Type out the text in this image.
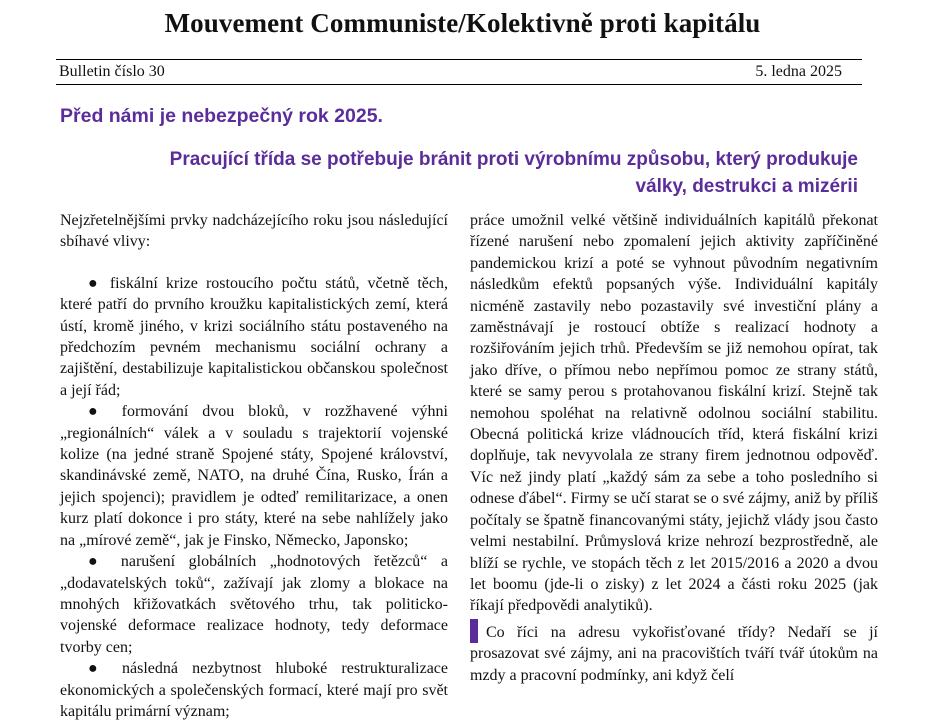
Mouvement Communiste/Kolektivně proti kapitálu
Bulletin číslo 30	5. ledna 2025
Před námi je nebezpečný rok 2025.
Pracující třída se potřebuje bránit proti výrobnímu způsobu, který produkuje
války, destrukci a mizérii

Nejzřetelnějšími prvky nadcházejícího roku jsou následující sbíhavé vlivy:

● fiskální krize rostoucího počtu států, včetně těch, které patří do prvního kroužku kapitalistických zemí, která ústí, kromě jiného, v krizi sociálního státu postaveného na předchozím pevném mechanismu sociální ochrany a zajištění, destabilizuje kapitalistickou občanskou společnost a její řád;

● formování dvou bloků, v rozžhavené výhni „regionálních“ válek a v souladu s trajektorií vojenské kolize (na jedné straně Spojené státy, Spojené království, skandinávské země, NATO, na druhé Čína, Rusko, Írán a jejich spojenci); pravidlem je odteď remilitarizace, a onen kurz platí dokonce i pro státy, které na sebe nahlížely jako na „mírové země“, jak je Finsko, Německo, Japonsko;

● narušení globálních „hodnotových řetězců“ a „dodavatelských toků“, zažívají jak zlomy a blokace na mnohých křižovatkách světového trhu, tak politicko-vojenské deformace realizace hodnoty, tedy deformace tvorby cen;

● následná nezbytnost hluboké restrukturalizace ekonomických a společenských formací, které mají pro svět kapitálu primární význam;

práce umožnil velké většině individuálních kapitálů překonat řízené narušení nebo zpomalení jejich aktivity zapříčiněné pandemickou krizí a poté se vyhnout původním negativním následkům efektů popsaných výše. Individuální kapitály nicméně zastavily nebo pozastavily své investiční plány a zaměstnávají je rostoucí obtíže s realizací hodnoty a rozšiřováním jejich trhů. Především se již nemohou opírat, tak jako dříve, o přímou nebo nepřímou pomoc ze strany států, které se samy perou s protahovanou fiskální krizí. Stejně tak nemohou spoléhat na relativně odolnou sociální stabilitu. Obecná politická krize vládnoucích tříd, která fiskální krizi doplňuje, tak nevyvolala ze strany firem jednotnou odpověď. Víc než jindy platí „každý sám za sebe a toho posledního si odnese ďábel“. Firmy se učí starat se o své zájmy, aniž by příliš počítaly se špatně financovanými státy, jejichž vlády jsou často velmi nestabilní. Průmyslová krize nehrozí bezprostředně, ale blíží se rychle, ve stopách těch z let 2015/2016 a 2020 a dvou let boomu (jde-li o zisky) z let 2024 a části roku 2025 (jak říkají předpovědi analytiků).

Co říci na adresu vykořisťované třídy? Nedaří se jí prosazovat své zájmy, ani na pracovištích tváří tvář útokům na mzdy a pracovní podmínky, ani když čelí
